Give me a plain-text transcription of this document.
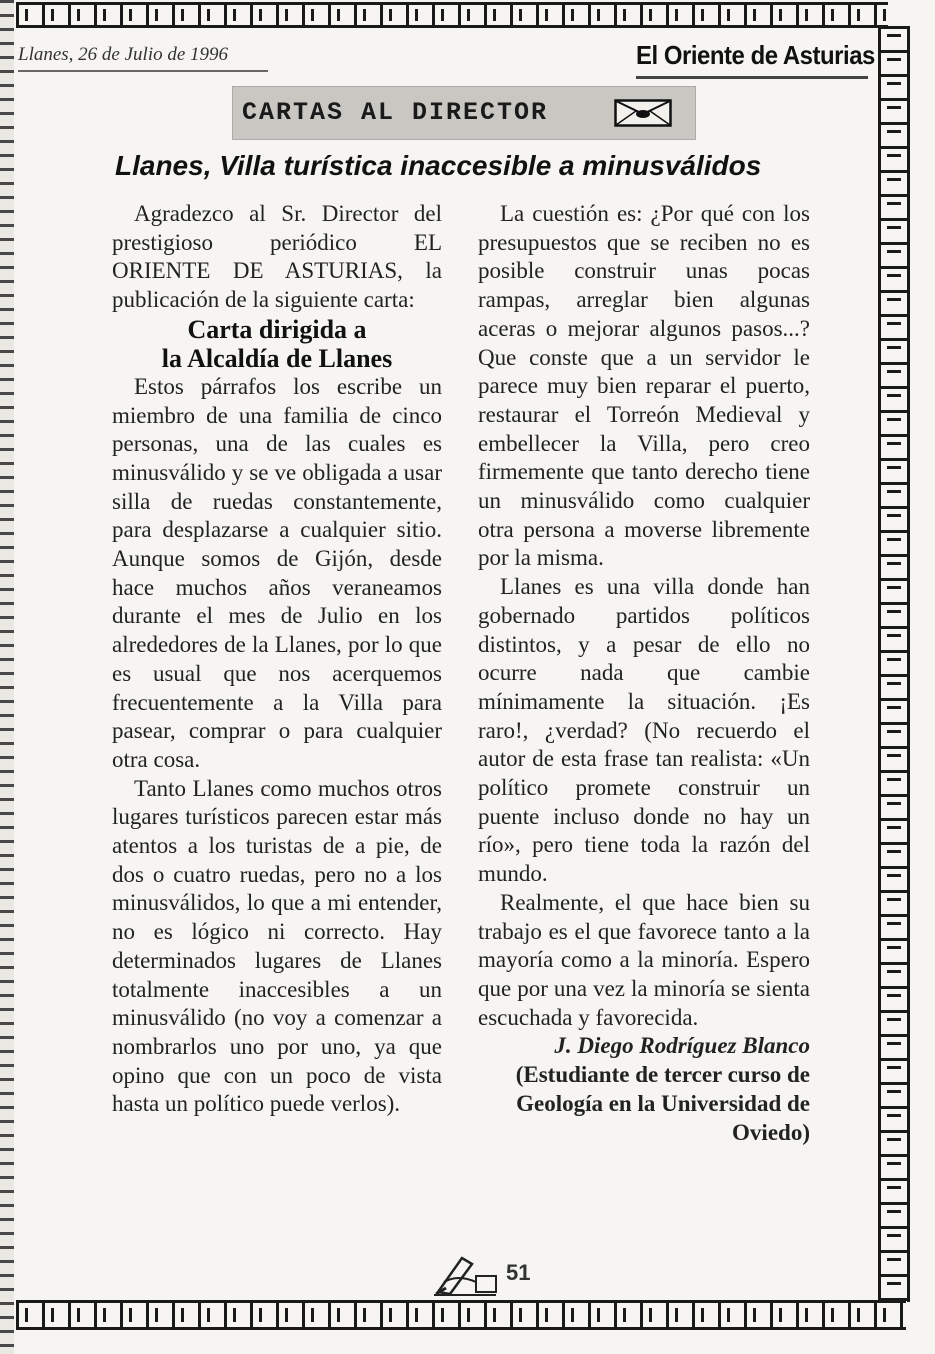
Llanes, 26 de Julio de 1996	El Oriente de Asturias
CARTAS AL DIRECTOR
Llanes, Villa turística inaccesible a minusválidos

Agradezco al Sr. Director del prestigioso periódico EL ORIENTE DE ASTURIAS, la publicación de la siguiente carta:

Carta dirigida a

la Alcaldía de Llanes

Estos párrafos los escribe un miembro de una familia de cinco personas, una de las cuales es minusválido y se ve obligada a usar silla de ruedas constantemente, para desplazarse a cualquier sitio. Aunque somos de Gijón, desde hace muchos años veraneamos durante el mes de Julio en los alrededores de la Llanes, por lo que es usual que nos acerquemos frecuentemente a la Villa para pasear, comprar o para cualquier otra cosa.

Tanto Llanes como muchos otros lugares turísticos parecen estar más atentos a los turistas de a pie, de dos o cuatro ruedas, pero no a los minusválidos, lo que a mi entender, no es lógico ni correcto. Hay determinados lugares de Llanes totalmente inaccesibles a un minusválido (no voy a comenzar a nombrarlos uno por uno, ya que opino que con un poco de vista hasta un político puede verlos).

La cuestión es: ¿Por qué con los presupuestos que se reciben no es posible construir unas pocas rampas, arreglar bien algunas aceras o mejorar algunos pasos...? Que conste que a un servidor le parece muy bien reparar el puerto, restaurar el Torreón Medieval y embellecer la Villa, pero creo firmemente que tanto derecho tiene un minusválido como cualquier otra persona a moverse libremente por la misma.

Llanes es una villa donde han gobernado partidos políticos distintos, y a pesar de ello no ocurre nada que cambie mínimamente la situación. ¡Es raro!, ¿verdad? (No recuerdo el autor de esta frase tan realista: «Un político promete construir un puente incluso donde no hay un río», pero tiene toda la razón del mundo.

Realmente, el que hace bien su trabajo es el que favorece tanto a la mayoría como a la minoría. Espero que por una vez la minoría se sienta escuchada y favorecida.

J. Diego Rodríguez Blanco
(Estudiante de tercer curso de Geología en la Universidad de Oviedo)
51
